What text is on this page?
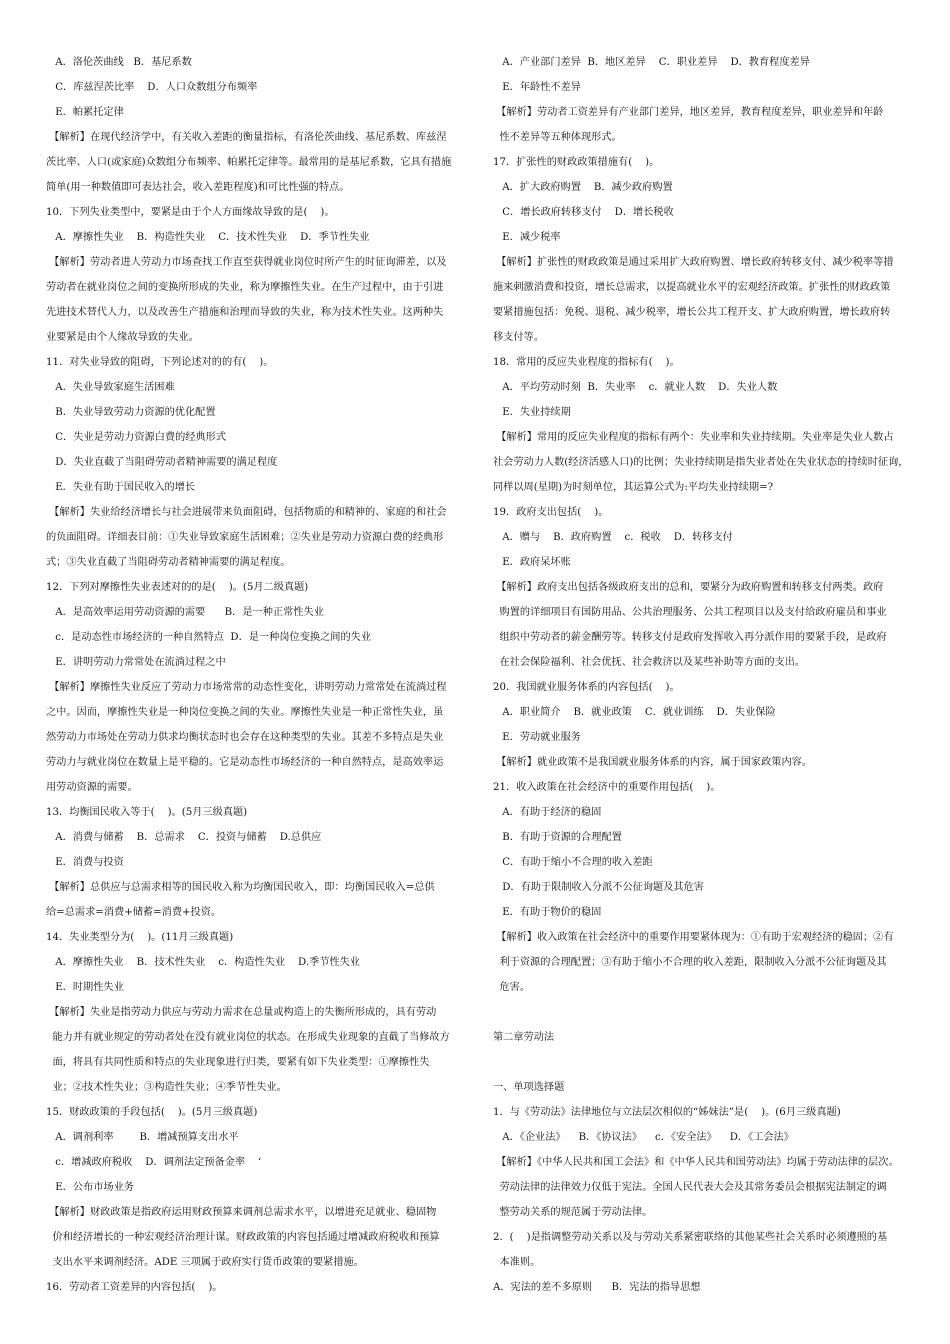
A．洛伦茨曲线   B．基尼系数
C．库兹涅茨比率    D．人口众数组分布频率
E．帕累托定律
【解析】在现代经济学中，有关收入差距的衡量指标，有洛伦茨曲线、基尼系数、库兹涅
茨比率、人口(或家庭)众数组分布频率、帕累托定律等。最常用的是基尼系数，它具有措施
简单(用一种数值即可表达社会，收入差距程度)和可比性强的特点。
10．下列失业类型中，要紧是由于个人方面缘故导致的是(    )。
A．摩擦性失业    B．构造性失业    C．技术性失业    D．季节性失业
【解析】劳动者进人劳动力市场查找工作直至获得就业岗位时所产生的时征询滞差，以及
劳动者在就业岗位之间的变换所形成的失业，称为摩擦性失业。在生产过程中，由于引进
先进技术替代人力，以及改善生产措施和治理而导致的失业，称为技术性失业。这两种失
业要紧是由个人缘故导致的失业。
11．对失业导致的阻碍，下列论述对的的有(    )。
A．失业导致家庭生活困难
B．失业导致劳动力资源的优化配置
C．失业是劳动力资源白费的经典形式
D．失业直截了当阻碍劳动者精神需要的满足程度
E．失业有助于国民收入的增长
【解析】失业给经济增长与社会进展带来负面阻碍，包括物质的和精神的、家庭的和社会
的负面阻碍。详细表目前：①失业导致家庭生活困难；②失业是劳动力资源白费的经典形
式；③失业直截了当阻碍劳动者精神需要的满足程度。
12．下列对摩擦性失业表述对的的是(    )。(5月二级真题)
A．是高效率运用劳动资源的需要      B．是一种正常性失业
c．是动态性市场经济的一种自然特点  D．是一种岗位变换之间的失业
E．讲明劳动力常常处在流淌过程之中
【解析】摩擦性失业反应了劳动力市场常常的动态性变化，讲明劳动力常常处在流淌过程
之中。因而，摩擦性失业是一种岗位变换之间的失业。摩擦性失业是一种正常性失业，虽
然劳动力市场处在劳动力供求均衡状态时也会存在这种类型的失业。其差不多特点是失业
劳动力与就业岗位在数量上是平稳的。它是动态性市场经济的一种自然特点，是高效率运
用劳动资源的需要。
13．均衡国民收入等于(    )。(5月三级真题)
A．消费与储蓄    B．总需求    C．投资与储蓄    D.总供应
E．消费与投资
【解析】总供应与总需求相等的国民收入称为均衡国民收入，即：均衡国民收入=总供
给=总需求=消费+储蓄=消费+投资。
14．失业类型分为(    )。(11月三级真题)
A．摩擦性失业    B．技术性失业    c．构造性失业    D.季节性失业
E．时期性失业
【解析】失业是指劳动力供应与劳动力需求在总量或构造上的失衡所形成的，具有劳动
能力并有就业规定的劳动者处在没有就业岗位的状态。在形成失业现象的直截了当修故方
面，将具有共同性质和特点的失业现象进行归类，要紧有如下失业类型：①摩擦性失
业；②技术性失业；③构造性失业；④季节性失业。
15．财政政策的手段包括(    )。(5月三级真题)
A．调剂利率        B．增减预算支出水平
c．增减政府税收    D．调剂法定预备金率    ‘
E．公布市场业务
【解析】财政政策是指政府运用财政预算来调剂总需求水平，以增进充足就业、稳固物
价和经济增长的一种宏观经济治理计谋。财政政策的内容包括通过增减政府税收和预算
支出水平来调剂经济。ADE 三项属于政府实行货币政策的要紧措施。
16．劳动者工资差异的内容包括(    )。
A．产业部门差异  B．地区差异    C．职业差异    D．教育程度差异
E．年龄性不差异
【解析】劳动者工资差异有产业部门差异，地区差异，教育程度差异，职业差异和年龄
性不差异等五种体现形式。
17．扩张性的财政政策措施有(    )。
A．扩大政府购置    B．减少政府购置
C．增长政府转移支付    D．增长税收
E．减少税率
【解析】扩张性的财政政策是通过采用扩大政府购置、增长政府转移支付、减少税率等措
施来刺激消费和投资，增长总需求，以提高就业水平的宏观经济政策。扩张性的财政政策
要紧措施包括：免税、退税、减少税率，增长公共工程开支、扩大政府购置，增长政府转
移支付等。
18．常用的反应失业程度的指标有(    )。
A．平均劳动时刻  B．失业率    c．就业人数    D．失业人数
E．失业持续期
【解析】常用的反应失业程度的指标有两个：失业率和失业持续期。失业率是失业人数占
社会劳动力人数(经济活感人口)的比例；失业持续期是指失业者处在失业状态的持续时征询，
同样以周(星期)为时刻单位，其运算公式为:平均失业持续期=?
19．政府支出包括(    )。
A．赠与    B．政府购置    c．税收    D．转移支付
E．政府呆坏账
【解析】政府支出包括各级政府支出的总和，要紧分为政府购置和转移支付两类。政府
购置的详细项目有国防用品、公共治理服务、公共工程项目以及支付给政府雇员和事业
组织中劳动者的薪金酬劳等。转移支付是政府发挥收入再分派作用的要紧手段，是政府
在社会保险福利、社会优抚、社会救济以及某些补助等方面的支出。
20．我国就业服务体系的内容包括(    )。
A．职业简介    B．就业政策    C．就业训练    D．失业保险
E．劳动就业服务
【解析】就业政策不是我国就业服务体系的内容，属于国家政策内容。
21．收入政策在社会经济中的重要作用包括(    )。
A．有助于经济的稳固
B．有助于资源的合理配置
C．有助于缩小不合理的收入差距
D．有助于限制收入分派不公征询题及其危害
E．有助于物价的稳固
【解析】收入政策在社会经济中的重要作用要紧体现为：①有助于宏观经济的稳固；②有
利于资源的合理配置；③有助于缩小不合理的收入差距，限制收入分派不公征询题及其
危害。
第二章劳动法
一、单项选择题
1．与《劳动法》法律地位与立法层次相似的“姊妹法”是(    )。(6月三级真题)
A．《企业法》    B．《协议法》    c．《安全法》    D．《工会法》
【解析】《中华人民共和国工会法》和《中华人民共和国劳动法》均属于劳动法律的层次。
劳动法律的法律效力仅低于宪法。全国人民代表大会及其常务委员会根据宪法制定的调
整劳动关系的规范属于劳动法律。
2．(    )是指调整劳动关系以及与劳动关系紧密联络的其他某些社会关系时必须遵照的基
本准则。
A．宪法的差不多原则      B．宪法的指导思想
